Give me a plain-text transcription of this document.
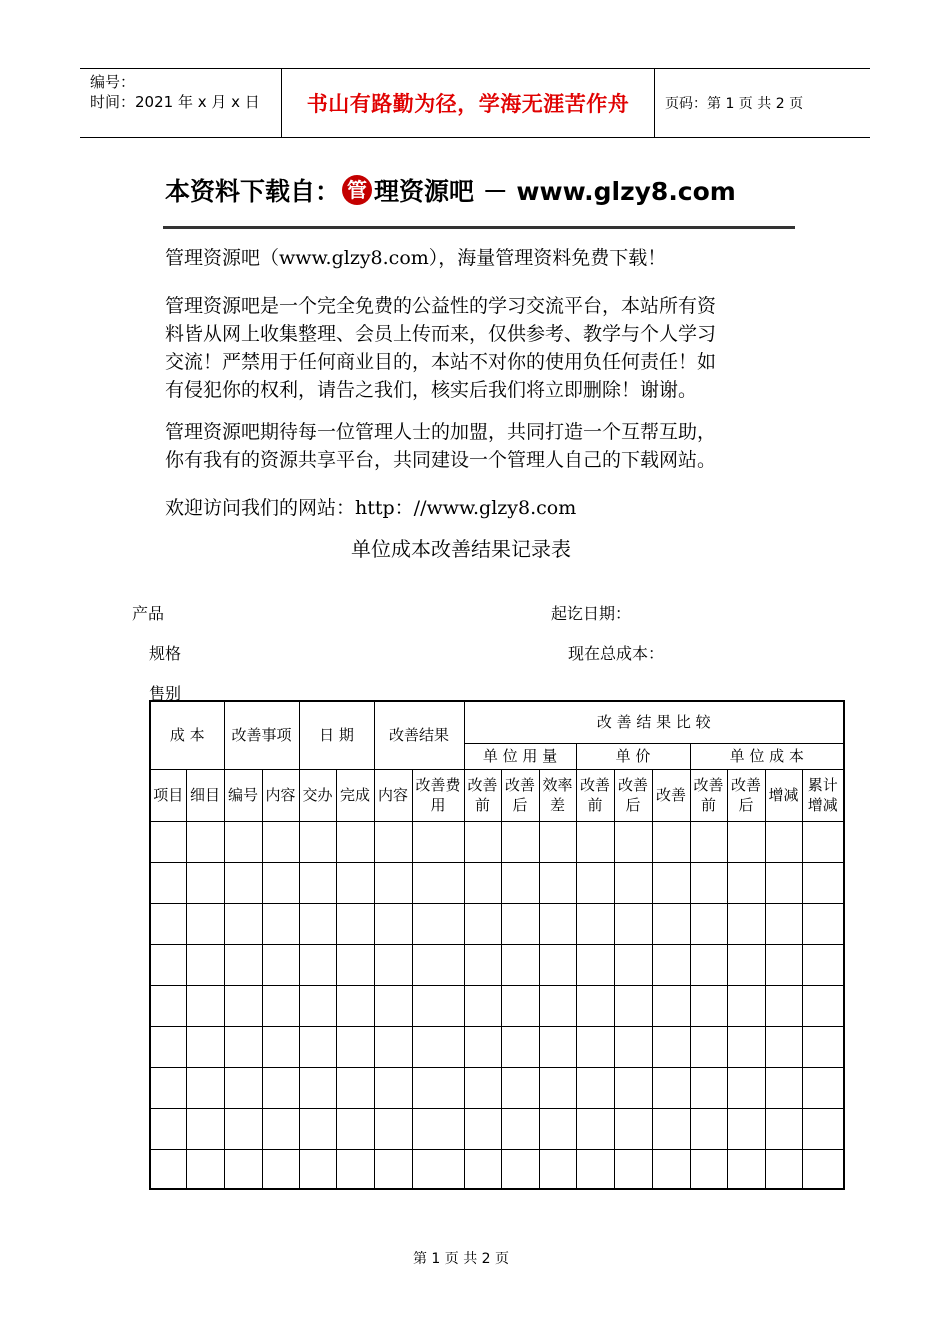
编号：
时间：2021 年 x 月 x 日 书山有路勤为径，学海无涯苦作舟	页码：第 1 页 共 2 页
本资料下载自： 管 理资源吧 － www.glzy8.com
管理资源吧（www.glzy8.com），海量管理资料免费下载！
管理资源吧是一个完全免费的公益性的学习交流平台，本站所有资
料皆从网上收集整理、会员上传而来，仅供参考、教学与个人学习
交流！严禁用于任何商业目的，本站不对你的使用负任何责任！如
有侵犯你的权利，请告之我们，核实后我们将立即删除！谢谢。
管理资源吧期待每一位管理人士的加盟，共同打造一个互帮互助，
你有我有的资源共享平台，共同建设一个管理人自己的下载网站。
欢迎访问我们的网站：http：//www.glzy8.com
单位成本改善结果记录表
产品	起讫日期：
规格	现在总成本：
售别
成 本		改善事项		日 期		改善结果		改 善 结 果 比 较									
								单 位 用 量			单 价			单 位 成 本			
项目	细目	编号	内容	交办	完成	内容	改善费用	改善前	改善后	效率差	改善前	改善后	改善	改善前	改善后	增减	累计增减

第 1 页 共 2 页
